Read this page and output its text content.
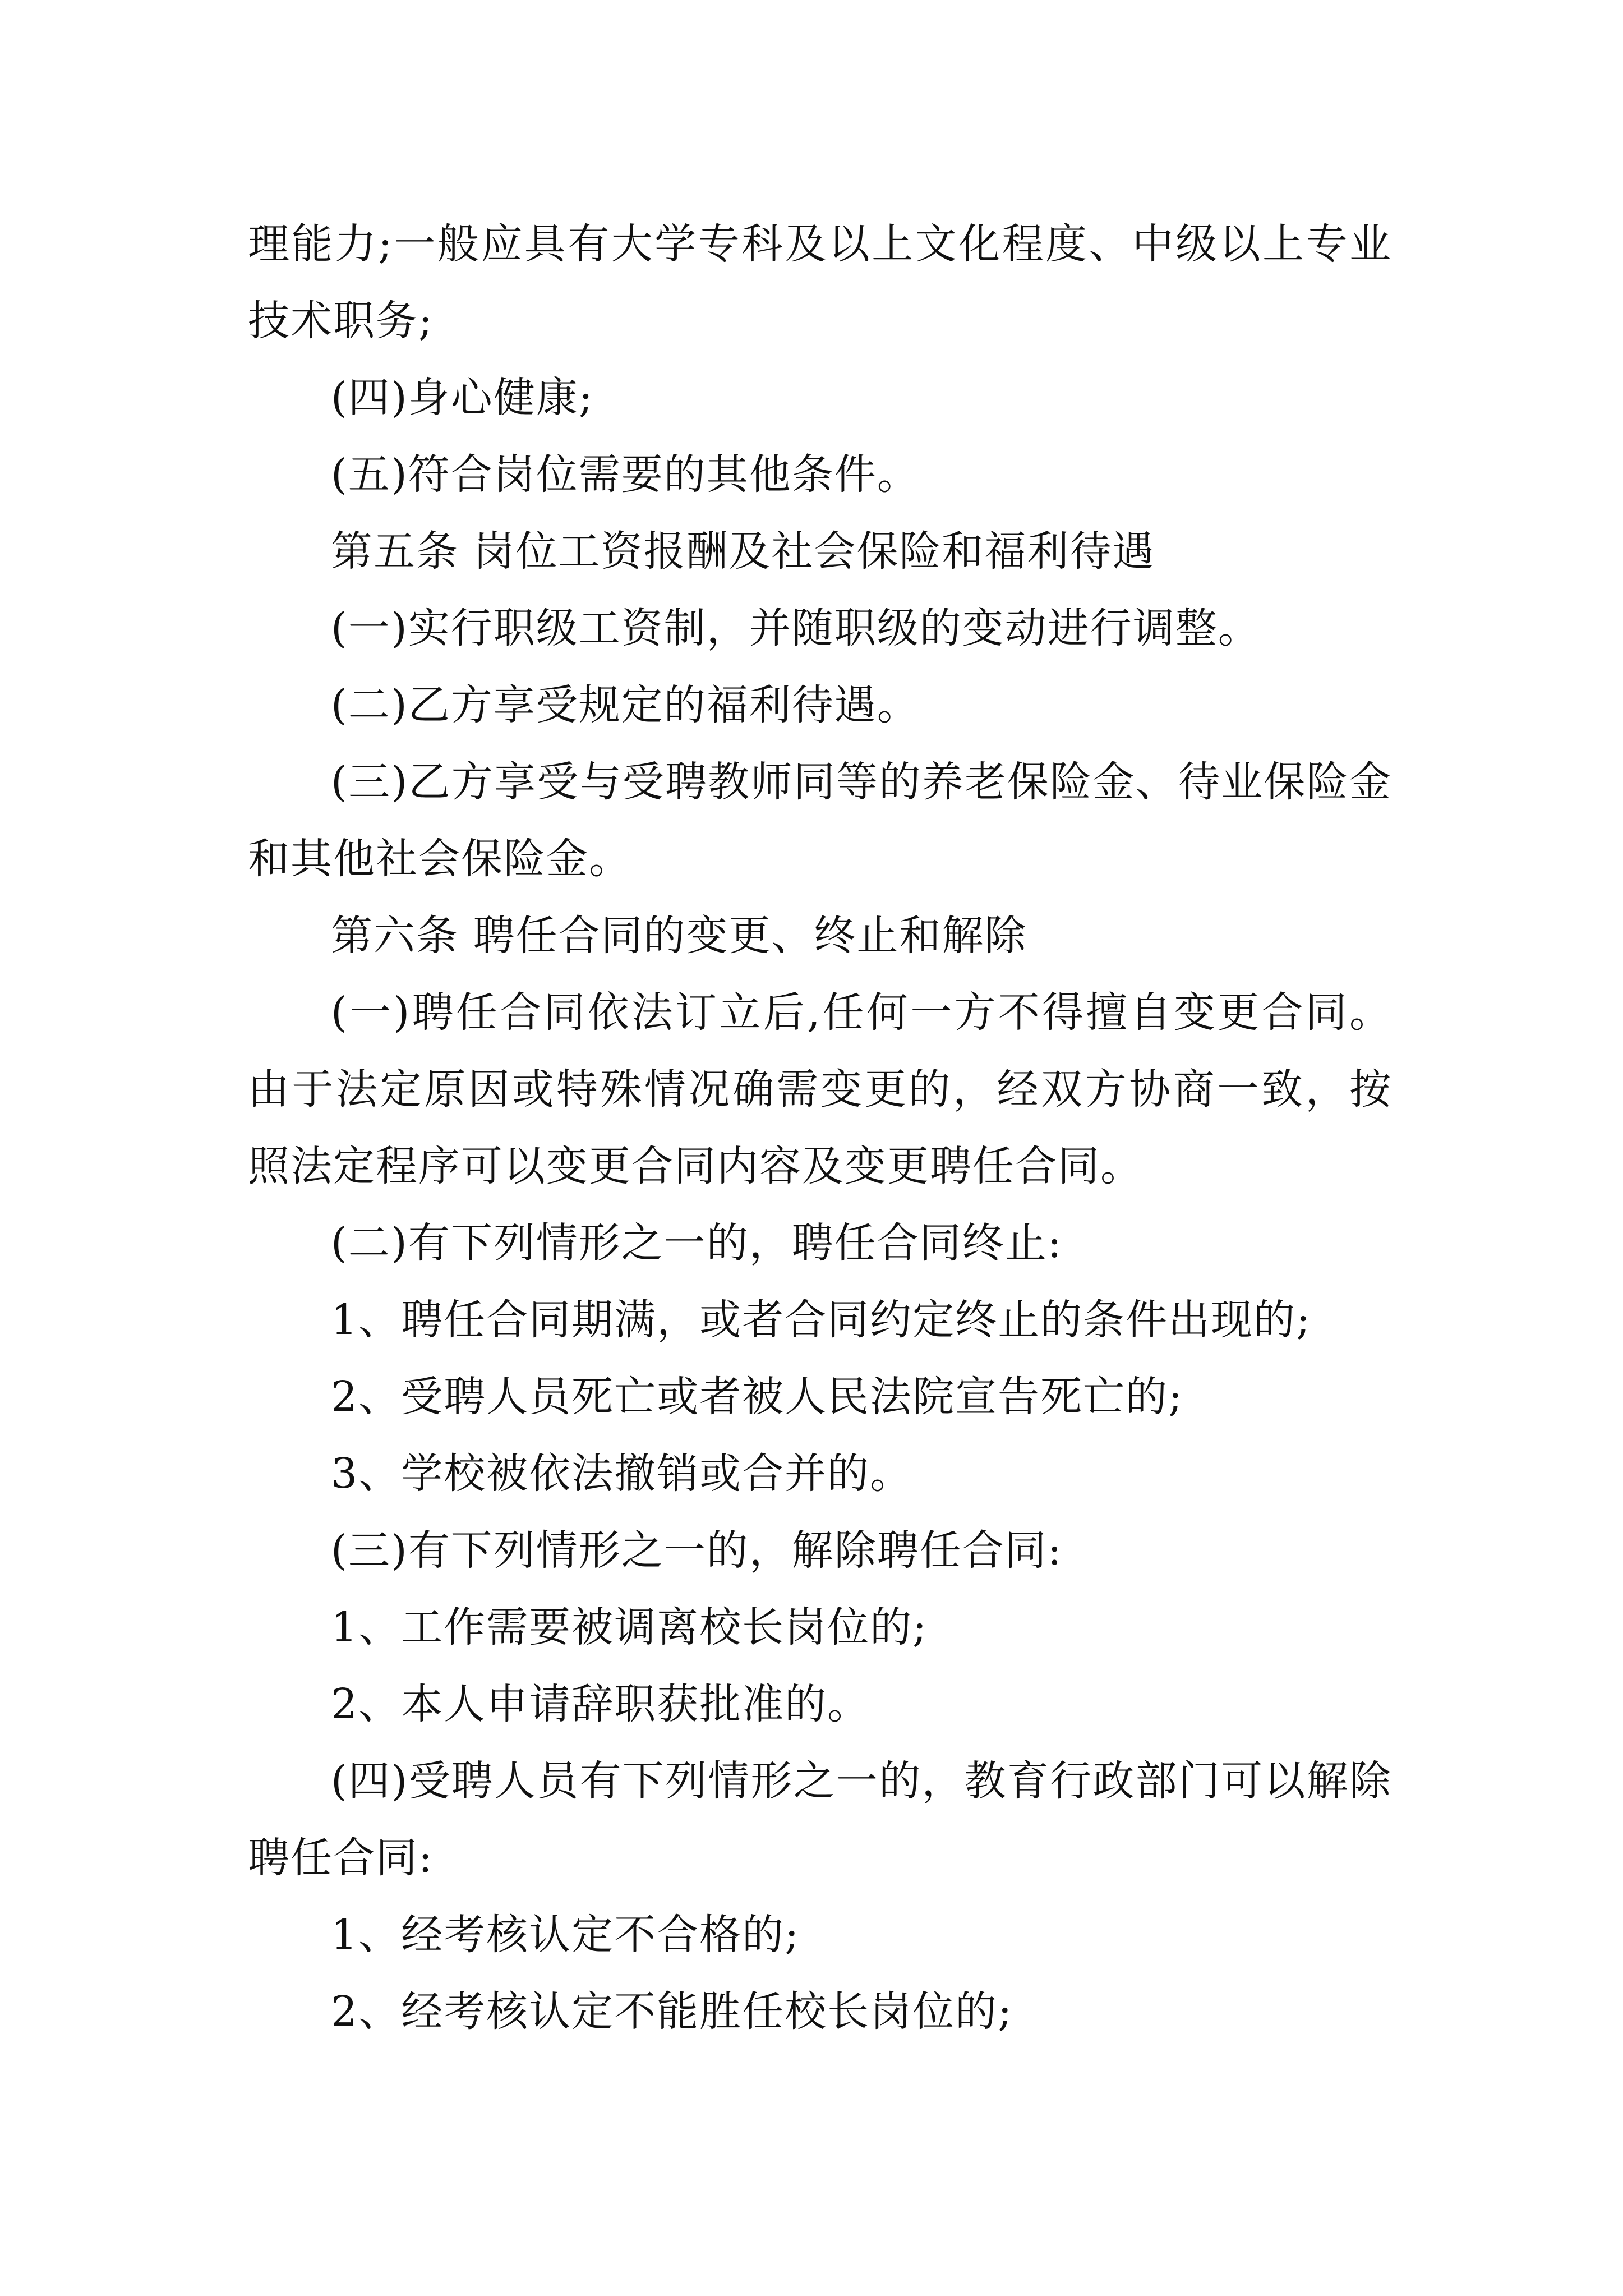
理能力;一般应具有大学专科及以上文化程度、中级以上专业技术职务;

(四)身心健康;

(五)符合岗位需要的其他条件。

第五条 岗位工资报酬及社会保险和福利待遇

(一)实行职级工资制，并随职级的变动进行调整。

(二)乙方享受规定的福利待遇。

(三)乙方享受与受聘教师同等的养老保险金、待业保险金和其他社会保险金。

第六条 聘任合同的变更、终止和解除

(一)聘任合同依法订立后,任何一方不得擅自变更合同。由于法定原因或特殊情况确需变更的，经双方协商一致，按照法定程序可以变更合同内容及变更聘任合同。

(二)有下列情形之一的，聘任合同终止:

1、聘任合同期满，或者合同约定终止的条件出现的;

2、受聘人员死亡或者被人民法院宣告死亡的;

3、学校被依法撤销或合并的。

(三)有下列情形之一的，解除聘任合同:

1、工作需要被调离校长岗位的;

2、本人申请辞职获批准的。

(四)受聘人员有下列情形之一的，教育行政部门可以解除聘任合同:

1、经考核认定不合格的;

2、经考核认定不能胜任校长岗位的;
